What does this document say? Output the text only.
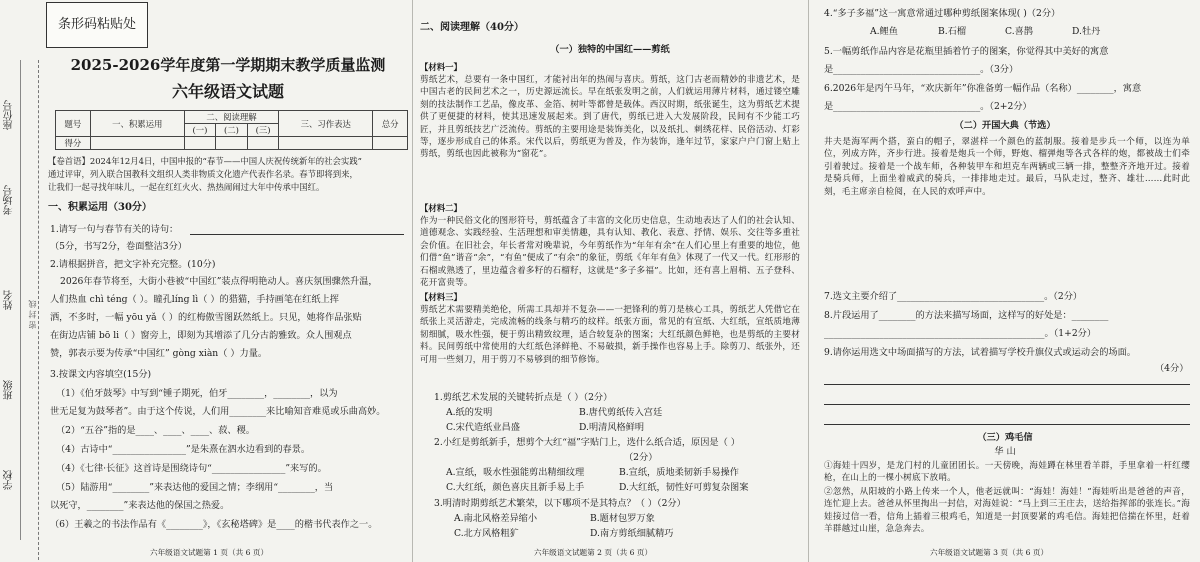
学校
班级
姓名
考场号
座位号
密 封 线
条形码粘贴处
2025-2026学年度第一学期期末教学质量监测
六年级语文试题
题号	一、积累运用	二、阅读理解			三、习作表达	总分
		(一)	(二)	(三)		
得分						
【卷首语】2024年12月4日，中国申报的“春节——中国人庆祝传统新年的社会实践”
通过评审，列入联合国教科文组织人类非物质文化遗产代表作名录。春节即将到来，
让我们一起寻找年味儿，一起在红红火火、热热闹闹过大年中传承中国红。
一、积累运用（30分）
1.请写一句与春节有关的诗句：
（5分，书写2分，卷面整洁3分）
2.请根据拼音，把文字补充完整。(10分)
2026年春节将至，大街小巷被“中国红”装点得明艳动人。喜庆氛围骤然升温，
人们热血 chì téng（ ）。瞳孔líng lì（ ）的猎猫，手持画笔在红纸上挥
洒，不多时，一幅 yōu yǎ（ ）的红梅傲雪图跃然纸上。只见，她将作品张贴
在街边店铺 bō li（ ）窗旁上，即刻为其增添了几分古韵雅致。众人围观点
赞，郭表示要为传承“中国红” gòng xiàn（ ）力量。
3.按课文内容填空(15分)
（1）《伯牙鼓琴》中写到“锺子期死，伯牙________，________，以为
世无足复为鼓琴者”。由于这个传说，人们用________来比喻知音难觅或乐曲高妙。
（2）“五谷”指的是____、____、____、菽、稷。
（4）古诗中“________________”是朱熹在泗水边看到的春景。
（4）《七律·长征》这首诗是围绕诗句“________________”来写的。
（5）陆游用“________”来表达他的爱国之情；李纲用“________，当
以死守，________”来表达他的保国之热爱。
（6）王羲之的书法作品有《________》，《玄秘塔碑》是____的楷书代表作之一。
六年级语文试题第 1 页（共 6 页）
二、阅读理解（40分）
（一）独特的中国红——剪纸
【材料一】
剪纸艺术，总要有一条中国红，才能衬出年的热闹与喜庆。剪纸，这门古老而精妙的非遗艺术，是中国古老的民间艺术之一，历史源远流长。早在纸张发明之前，人们就运用薄片材料，通过镂空雕刻的技法制作工艺品，像皮革、金箔、树叶等都曾是载体。西汉时期，纸张诞生，这为剪纸艺术提供了更便捷的材料，使其迅速发展起来。到了唐代，剪纸已进入大发展阶段，民间有不少能工巧匠，并且剪纸技艺广泛流传。剪纸的主要用途是装饰美化，以及纸扎、刺绣花样、民俗活动、灯彩等，逐步形成自己的体系。宋代以后，剪纸更为普及，作为装饰，逢年过节，家家户户门窗上贴上剪纸，剪纸也因此被称为“窗花”。
【材料二】
作为一种民俗文化的图形符号，剪纸蕴含了丰富的文化历史信息，生动地表达了人们的社会认知、道德观念、实践经验、生活理想和审美情趣，具有认知、教化、表意、抒情、娱乐、交往等多重社会价值。在旧社会，年长者常对晚辈说，今年剪纸作为“年年有余”在人们心里上有重要的地位，他们借“鱼”谐音“余”，“有鱼”便成了“有余”的象征，剪纸《年年有鱼》体现了一代又一代。红形形的石榴或熟透了，里边蕴含着多籽的石榴籽，这就是“多子多福”。比如，还有喜上眉梢、五子登科、花开富贵等。
【材料三】
剪纸艺术需要精美绝伦，所需工具却并不复杂——一把锋利的剪刀是核心工具，剪纸艺人凭借它在纸张上灵活游走，完成流畅的线条与精巧的纹样。纸张方面，常见的有宣纸、大红纸，宣纸质地薄韧细腻，吸水性强，便于剪出精致纹理，适合较复杂的图案；大红纸颜色鲜艳，也是剪纸的主要材料。民间剪纸中常使用的大红纸色泽鲜艳、不易破损，新手操作也容易上手。除剪刀、纸张外，还可用一些刻刀，用于剪刀不易够到的细节修饰。
1.剪纸艺术发展的关键转折点是（ ）（2分）
A.纸的发明	B.唐代剪纸传入宫廷
C.宋代造纸业昌盛	D.明清风格鲜明
2.小红是剪纸新手，想剪个大红“福”字贴门上，选什么纸合适，原因是（ ）
（2分）
A.宣纸，吸水性强能剪出精细纹理	B.宣纸，质地柔韧新手易操作
C.大红纸，颜色喜庆且新手易上手	D.大红纸，韧性好可剪复杂图案
3.明清时期剪纸艺术繁荣，以下哪项不是其特点？（ ）（2分）
A.南北风格差异缩小	B.题材包罗万象
C.北方风格粗犷	D.南方剪纸细腻精巧
六年级语文试题第 2 页（共 6 页）
4.“多子多福”这一寓意常通过哪种剪纸图案体现( )（2分）
A.鲤鱼	B.石榴	C.喜鹊	D.牡丹
5.一幅剪纸作品内容是花瓶里插着竹子的图案，你觉得其中美好的寓意
是________________________________。（3分）
6.2026年是丙午马年，“欢庆新年”你准备剪一幅作品（名称）________，寓意
是________________________________。（2+2分）
（二）开国大典（节选）
井夫是海军两个搭，蛮白的帽子，翠湛样一个颜色的蓝制服。接着是步兵一个师，以连为单位，列成方阵，齐步行进。接着是炮兵一个师，野炮、榴弹炮等各式各样的炮，都被战士们牵引着驶过。接着是一个战车师，各种装甲车和坦克车两辆或三辆一排，整整齐齐地开过。接着是骑兵师，上面坐着威武的骑兵，一排排地走过。最后，马队走过，整齐、雄壮……此时此刻，毛主席亲自检阅，在人民的欢呼声中。
7.选文主要介绍了________________________________。（2分）
8.片段运用了________的方法来描写场面，这样写的好处是：________
________________________________________________。（1+2分）
9.请你运用选文中场面描写的方法，试着描写学校升旗仪式或运动会的场面。
（4分）
（三）鸡毛信
华 山
①海娃十四岁，是龙门村的儿童团团长。一天傍晚，海娃蹲在林里看羊群，手里拿着一杆红缨枪，在山上的一棵小树底下放哨。
②忽然，从阳坡的小路上传来一个人，他老远就叫：“海娃！海娃！”海娃听出是爸爸的声音，连忙迎上去。爸爸从怀里掏出一封信，对海娃说：“马上到三王庄去，送给指挥部的张连长。”海娃接过信一看，信角上插着三根鸡毛，知道是一封顶要紧的鸡毛信。海娃把信揣在怀里，赶着羊群越过山崖，急急奔去。
六年级语文试题第 3 页（共 6 页）
